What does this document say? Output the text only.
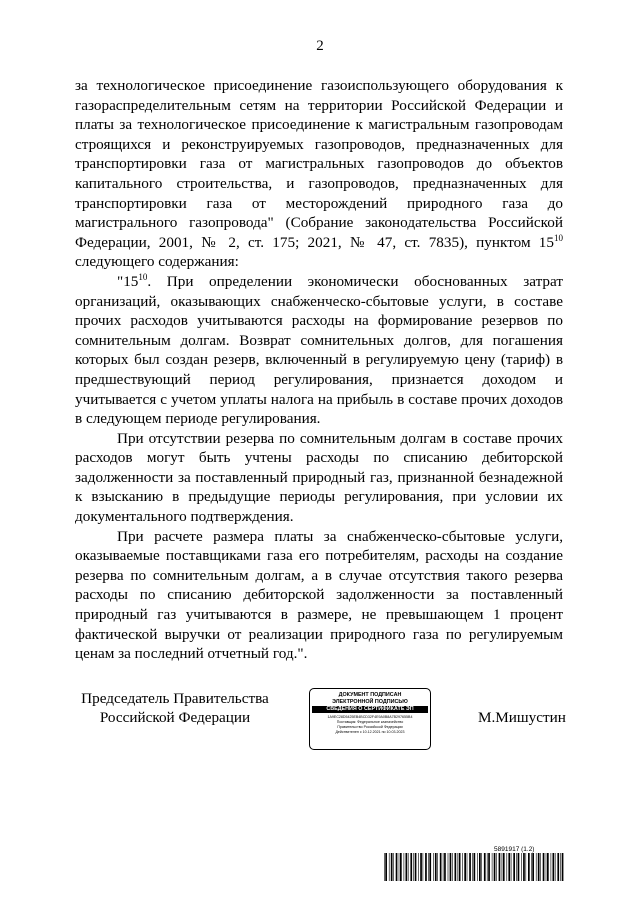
2

за технологическое присоединение газоиспользующего оборудования к газораспределительным сетям на территории Российской Федерации и платы за технологическое присоединение к магистральным газопроводам строящихся и реконструируемых газопроводов, предназначенных для транспортировки газа от магистральных газопроводов до объектов капитального строительства, и газопроводов, предназначенных для транспортировки газа от месторождений природного газа до магистрального газопровода" (Собрание законодательства Российской Федерации, 2001, № 2, ст. 175; 2021, № 47, ст. 7835), пунктом $15^{10}$ следующего содержания:

"$15^{10}$. При определении экономически обоснованных затрат организаций, оказывающих снабженческо-сбытовые услуги, в составе прочих расходов учитываются расходы на формирование резервов по сомнительным долгам. Возврат сомнительных долгов, для погашения которых был создан резерв, включенный в регулируемую цену (тариф) в предшествующий период регулирования, признается доходом и учитывается с учетом уплаты налога на прибыль в составе прочих доходов в следующем периоде регулирования.

При отсутствии резерва по сомнительным долгам в составе прочих расходов могут быть учтены расходы по списанию дебиторской задолженности за поставленный природный газ, признанной безнадежной к взысканию в предыдущие периоды регулирования, при условии их документального подтверждения.

При расчете размера платы за снабженческо-сбытовые услуги, оказываемые поставщиками газа его потребителям, расходы на создание резерва по сомнительным долгам, а в случае отсутствия такого резерва расходы по списанию дебиторской задолженности за поставленный природный газ учитываются в размере, не превышающем 1 процент фактической выручки от реализации природного газа по регулируемым ценам за последний отчетный год.".

Председатель Правительства
Российской Федерации
ДОКУМЕНТ ПОДПИСАН
ЭЛЕКТРОННОЙ ПОДПИСЬЮ
СВЕДЕНИЯ О СЕРТИФИКАТЕ ЭП
1A9EC28D5425EB4BCD32F4E9A0B8A7B297655B4
Поставщик: Федеральное казначейство
Правительство Российской Федерации
Действителен с 10.12.2021 по 10.03.2023
М.Мишустин
5891917 (1.2)
